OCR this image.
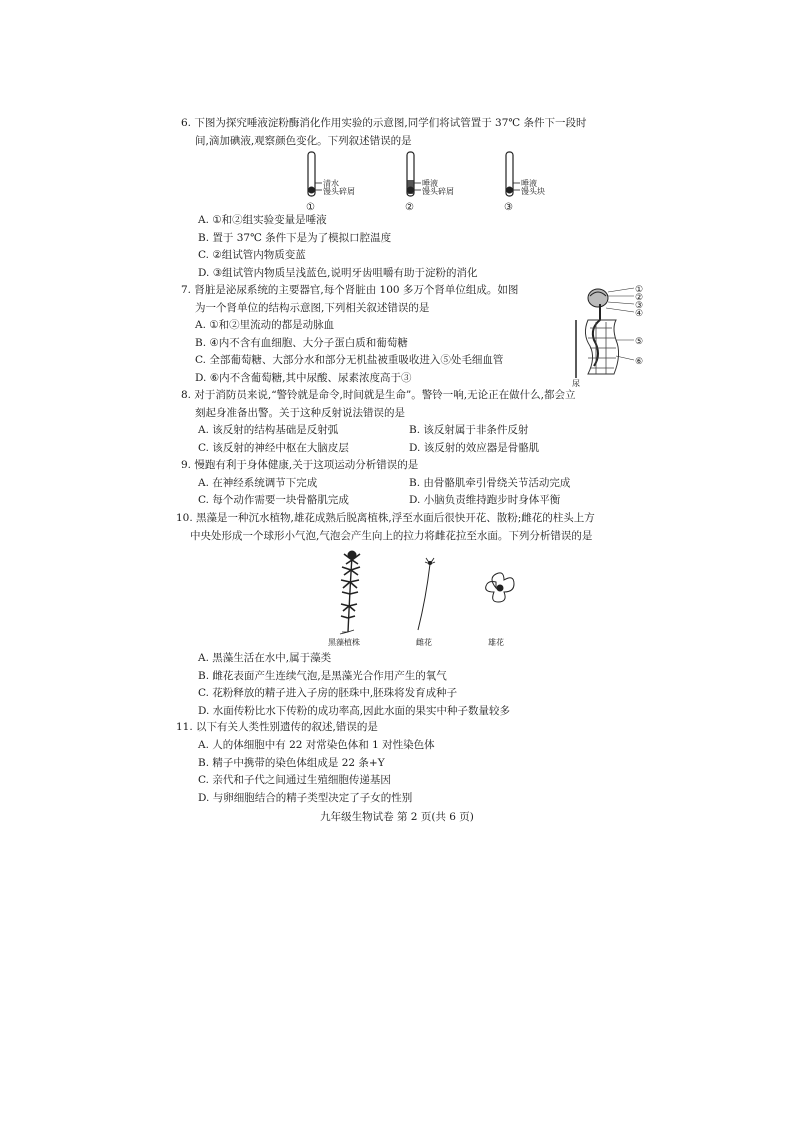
6. 下图为探究唾液淀粉酶消化作用实验的示意图,同学们将试管置于 37℃ 条件下一段时
间,滴加碘液,观察颜色变化。下列叙述错误的是
清水
馒头碎屑
①
唾液
馒头碎屑
②
唾液
馒头块
③
A. ①和②组实验变量是唾液
B. 置于 37℃ 条件下是为了模拟口腔温度
C. ②组试管内物质变蓝
D. ③组试管内物质呈浅蓝色,说明牙齿咀嚼有助于淀粉的消化
7. 肾脏是泌尿系统的主要器官,每个肾脏由 100 多万个肾单位组成。如图
为一个肾单位的结构示意图,下列相关叙述错误的是
A. ①和②里流动的都是动脉血
B. ④内不含有血细胞、大分子蛋白质和葡萄糖
C. 全部葡萄糖、大部分水和部分无机盐被重吸收进入⑤处毛细血管
D. ⑥内不含葡萄糖,其中尿酸、尿素浓度高于③
①
②
③
④
⑤
⑥
尿
8. 对于消防员来说,“警铃就是命令,时间就是生命”。警铃一响,无论正在做什么,都会立
刻起身准备出警。关于这种反射说法错误的是
A. 该反射的结构基础是反射弧	B. 该反射属于非条件反射
C. 该反射的神经中枢在大脑皮层	D. 该反射的效应器是骨骼肌
9. 慢跑有利于身体健康,关于这项运动分析错误的是
A. 在神经系统调节下完成	B. 由骨骼肌牵引骨绕关节活动完成
C. 每个动作需要一块骨骼肌完成	D. 小脑负责维持跑步时身体平衡
10. 黑藻是一种沉水植物,雄花成熟后脱离植株,浮至水面后很快开花、散粉;雌花的柱头上方
中央处形成一个球形小气泡,气泡会产生向上的拉力将雌花拉至水面。下列分析错误的是
黑藻植株	雌花	雄花
A. 黑藻生活在水中,属于藻类
B. 雌花表面产生连续气泡,是黑藻光合作用产生的氧气
C. 花粉释放的精子进入子房的胚珠中,胚珠将发育成种子
D. 水面传粉比水下传粉的成功率高,因此水面的果实中种子数量较多
11. 以下有关人类性别遗传的叙述,错误的是
A. 人的体细胞中有 22 对常染色体和 1 对性染色体
B. 精子中携带的染色体组成是 22 条+Y
C. 亲代和子代之间通过生殖细胞传递基因
D. 与卵细胞结合的精子类型决定了子女的性别
九年级生物试卷 第 2 页(共 6 页)
